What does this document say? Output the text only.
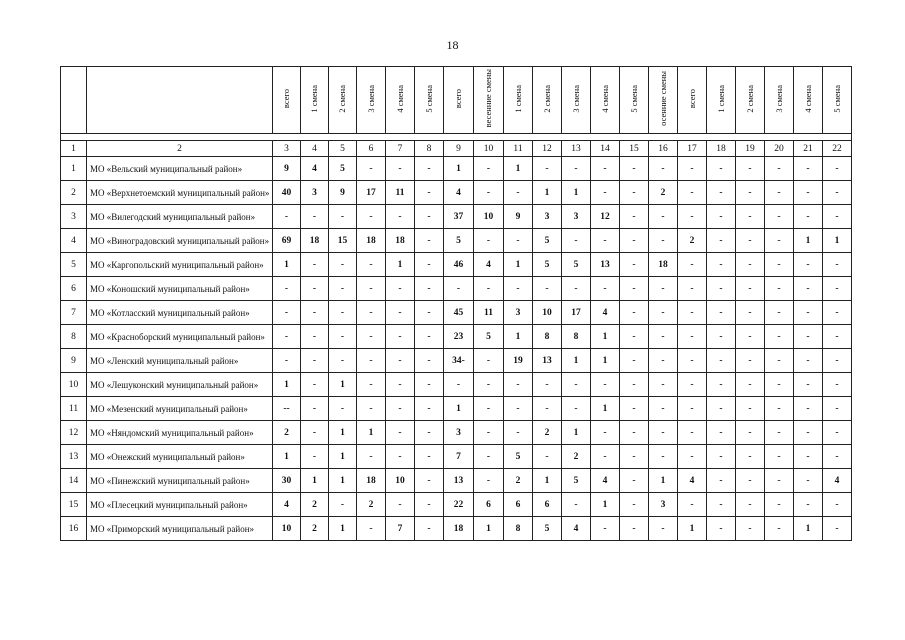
18
		всего	1 смена	2 смена	3 смена	4 смена	5 смена	всего	весенние смены	1 смена	2 смена	3 смена	4 смена	5 смена	осенние смены	всего	1 смена	2 смена	3 смена	4 смена	5 смена

1	2	3	4	5	6	7	8	9	10	11	12	13	14	15	16	17	18	19	20	21	22
1	МО «Вельский муниципальный район»	9	4	5	-	-	-	1	-	1	-	-	-	-	-	-	-	-	-	-	-
2	МО «Верхнетоемский муниципальный район»	40	3	9	17	11	-	4	-	-	1	1	-	-	2	-	-	-	-	-	-
3	МО «Вилегодский муниципальный район»	-	-	-	-	-	-	37	10	9	3	3	12	-	-	-	-	-	-	-	-
4	МО «Виноградовский муниципальный район»	69	18	15	18	18	-	5	-	-	5	-	-	-	-	2	-	-	-	1	1
5	МО «Каргопольский муниципальный район»	1	-	-	-	1	-	46	4	1	5	5	13	-	18	-	-	-	-	-	-
6	МО «Коношский муниципальный район»	-	-	-	-	-	-	-	-	-	-	-	-	-	-	-	-	-	-	-	-
7	МО «Котласский муниципальный район»	-	-	-	-	-	-	45	11	3	10	17	4	-	-	-	-	-	-	-	-
8	МО «Красноборский муниципальный район»	-	-	-	-	-	-	23	5	1	8	8	1	-	-	-	-	-	-	-	-
9	МО «Ленский муниципальный район»	-	-	-	-	-	-	34-	-	19	13	1	1	-	-	-	-	-	-	-	-
10	МО «Лешуконский муниципальный район»	1	-	1	-	-	-	-	-	-	-	-	-	-	-	-	-	-	-	-	-
11	МО «Мезенский муниципальный район»	--	-	-	-	-	-	1	-	-	-	-	1	-	-	-	-	-	-	-	-
12	МО «Няндомский муниципальный район»	2	-	1	1	-	-	3	-	-	2	1	-	-	-	-	-	-	-	-	-
13	МО «Онежский муниципальный район»	1	-	1	-	-	-	7	-	5	-	2	-	-	-	-	-	-	-	-	-
14	МО «Пинежский муниципальный район»	30	1	1	18	10	-	13	-	2	1	5	4	-	1	4	-	-	-	-	4
15	МО «Плесецкий муниципальный район»	4	2	-	2	-	-	22	6	6	6	-	1	-	3	-	-	-	-	-	-
16	МО «Приморский муниципальный район»	10	2	1	-	7	-	18	1	8	5	4	-	-	-	1	-	-	-	1	-
